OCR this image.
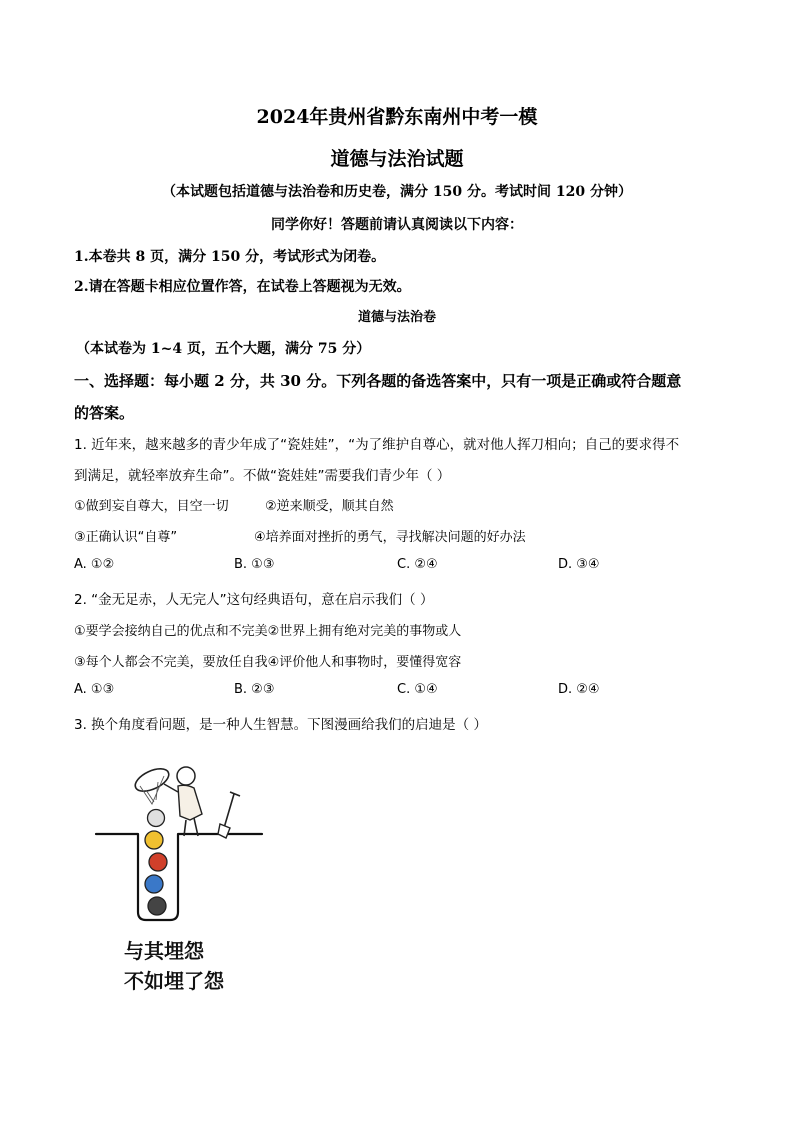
2024年贵州省黔东南州中考一模
道德与法治试题
（本试题包括道德与法治卷和历史卷，满分 150 分。考试时间 120 分钟）
同学你好！答题前请认真阅读以下内容：
1.本卷共 8 页，满分 150 分，考试形式为闭卷。
2.请在答题卡相应位置作答，在试卷上答题视为无效。
道德与法治卷
（本试卷为 1~4 页，五个大题，满分 75 分）
一、选择题：每小题 2 分，共 30 分。下列各题的备选答案中，只有一项是正确或符合题意
的答案。
1. 近年来，越来越多的青少年成了“瓷娃娃”，“为了维护自尊心，就对他人挥刀相向；自己的要求得不
到满足，就轻率放弃生命”。不做“瓷娃娃”需要我们青少年（ ）
①做到妄自尊大，目空一切	②逆来顺受，顺其自然
③正确认识“自尊”	④培养面对挫折的勇气，寻找解决问题的好办法
A. ①②	B. ①③	C. ②④	D. ③④
2. “金无足赤，人无完人”这句经典语句，意在启示我们（ ）
①要学会接纳自己的优点和不完美②世界上拥有绝对完美的事物或人
③每个人都会不完美，要放任自我④评价他人和事物时，要懂得宽容
A. ①③	B. ②③	C. ①④	D. ②④
3. 换个角度看问题，是一种人生智慧。下图漫画给我们的启迪是（ ）
与其埋怨
不如埋了怨
